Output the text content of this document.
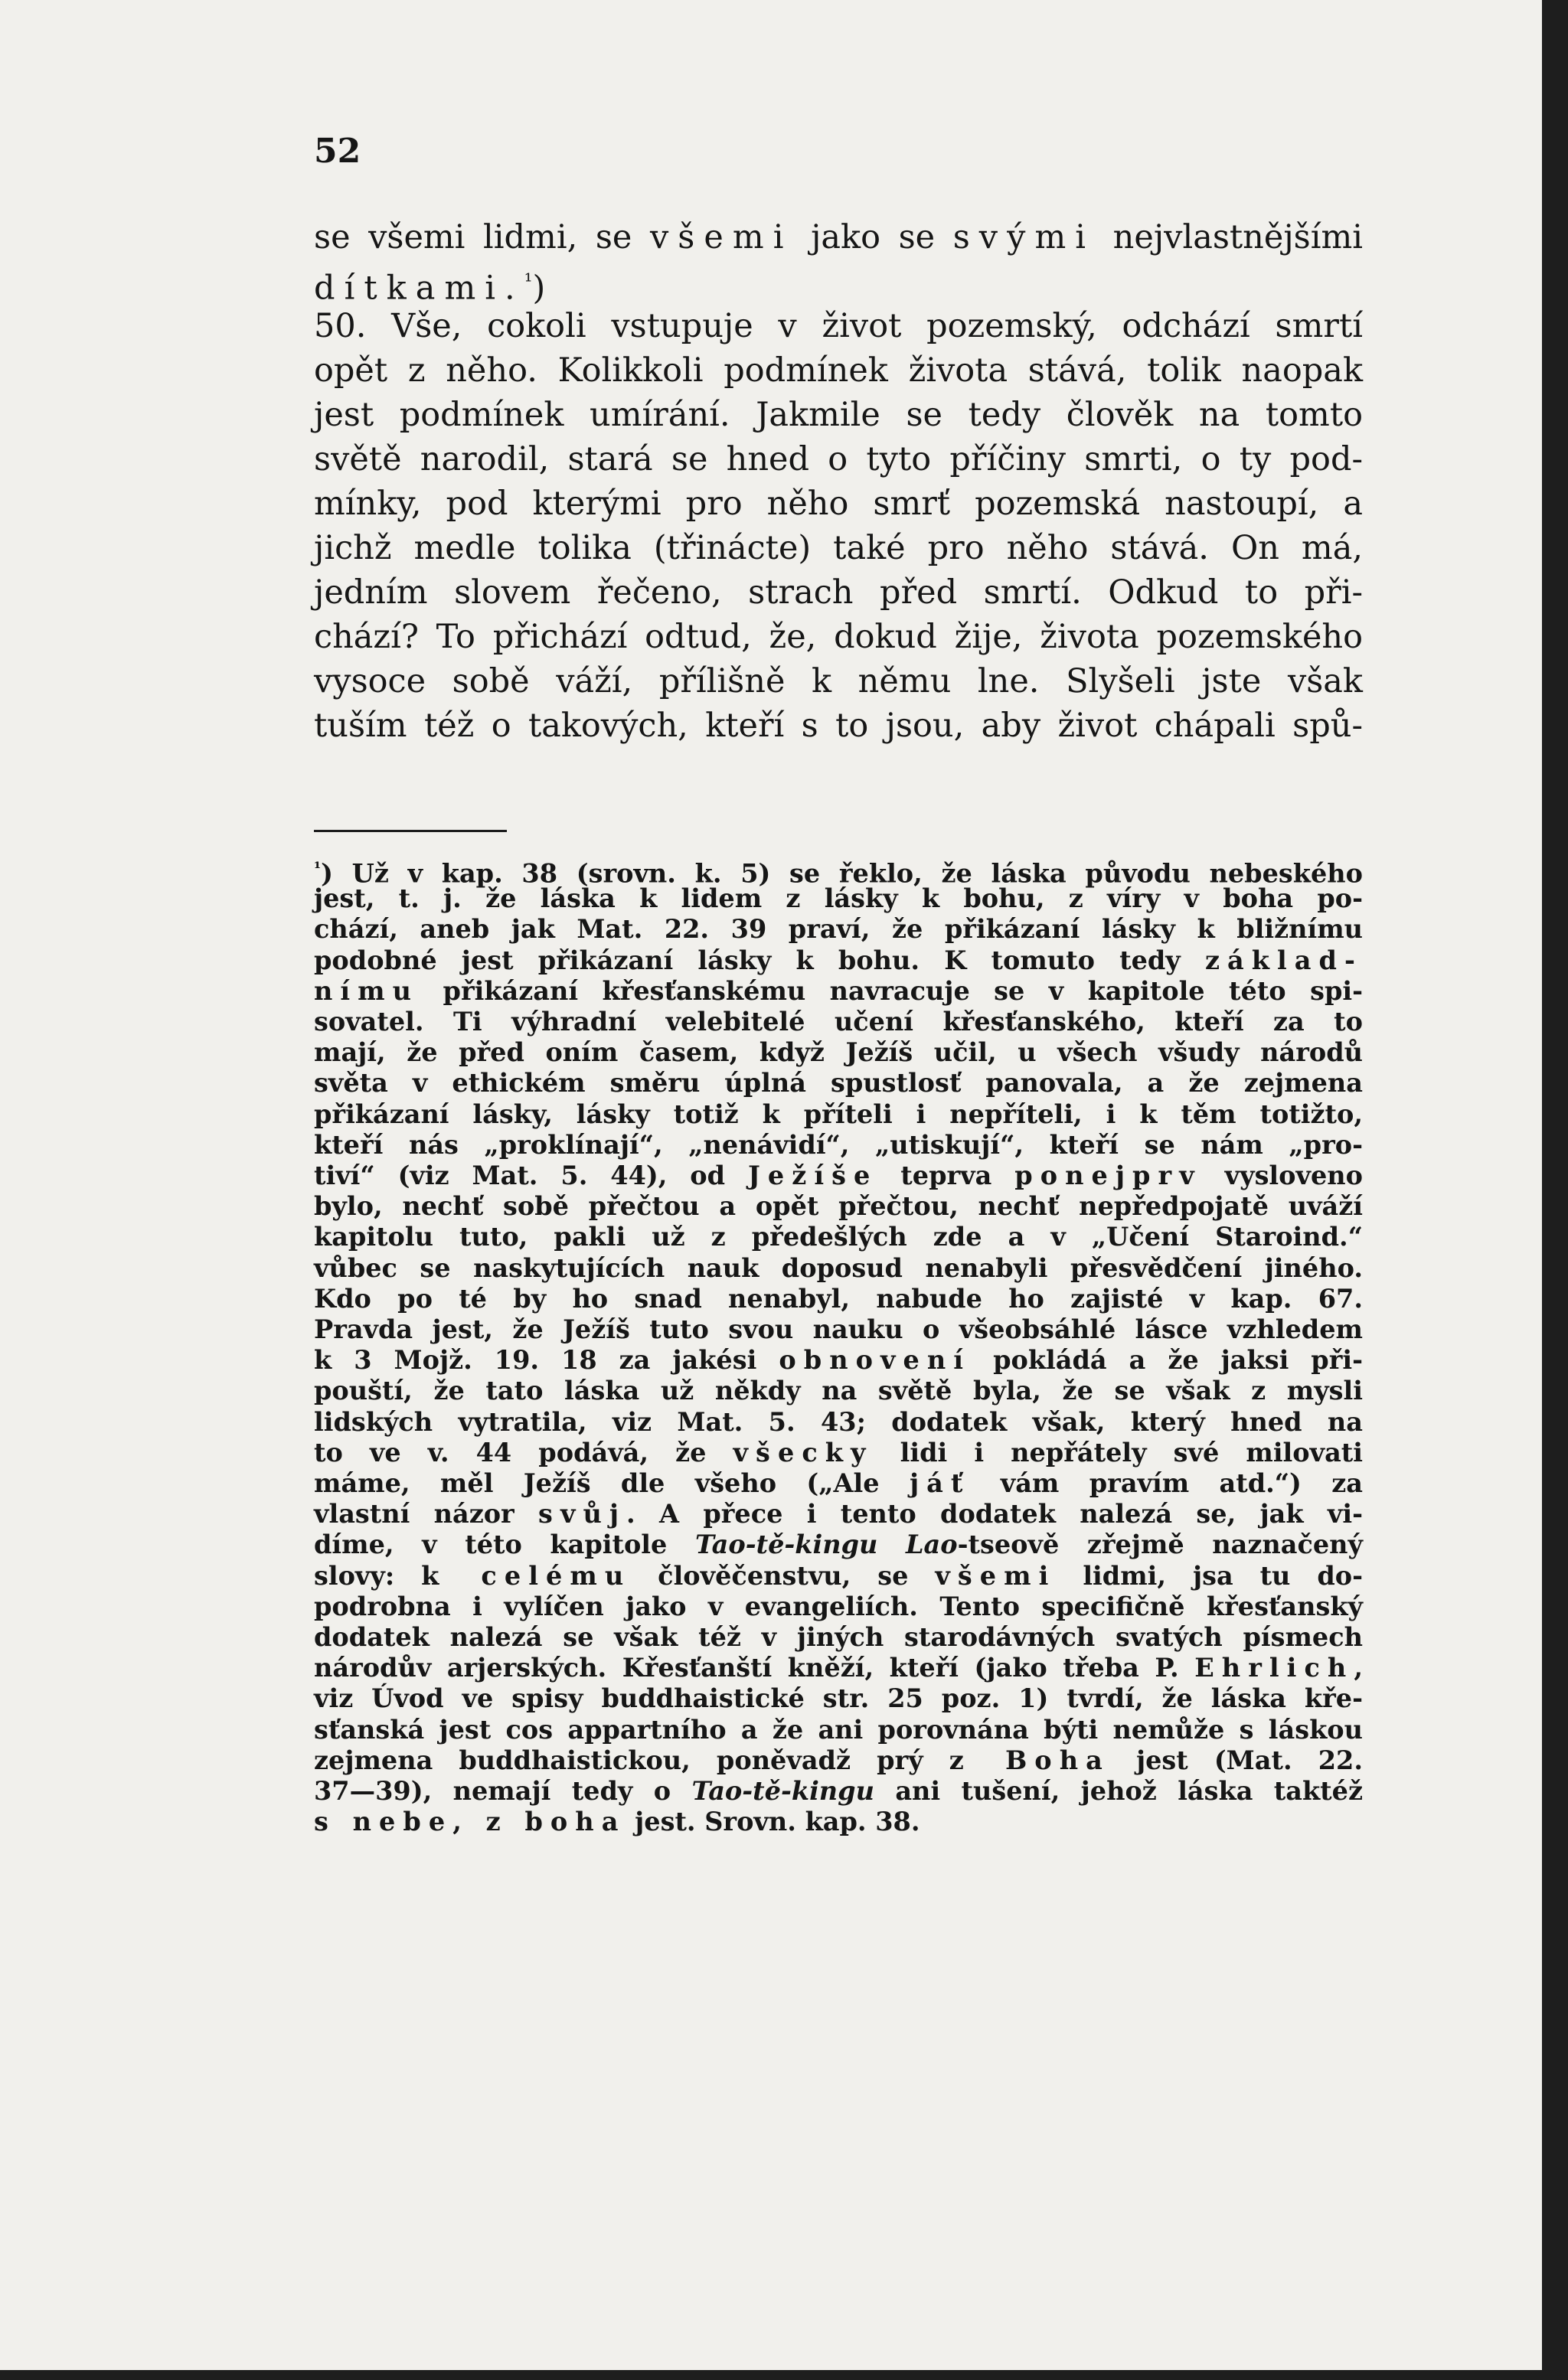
52
se všemi lidmi, se všemi jako se svými nejvlastnějšími
dítkami.$^{^1}$)
50. Vše, cokoli vstupuje v život pozemský, odchází smrtí
opět z něho. Kolikkoli podmínek života stává, tolik naopak
jest podmínek umírání. Jakmile se tedy člověk na tomto
světě narodil, stará se hned o tyto příčiny smrti, o ty pod-
mínky, pod kterými pro něho smrť pozemská nastoupí, a
jichž medle tolika (třinácte) také pro něho stává. On má,
jedním slovem řečeno, strach před smrtí. Odkud to při-
chází? To přichází odtud, že, dokud žije, života pozemského
vysoce sobě váží, přílišně k němu lne. Slyšeli jste však
tuším též o takových, kteří s to jsou, aby život chápali spů-
$^{^1}$) Už v kap. 38 (srovn. k. 5) se řeklo, že láska původu nebeského
jest, t. j. že láska k lidem z lásky k bohu, z víry v boha po-
chází, aneb jak Mat. 22. 39 praví, že přikázaní lásky k bližnímu
podobné jest přikázaní lásky k bohu. K tomuto tedy základ-
nímu přikázaní křesťanskému navracuje se v kapitole této spi-
sovatel. Ti výhradní velebitelé učení křesťanského, kteří za to
mají, že před oním časem, když Ježíš učil, u všech všudy národů
světa v ethickém směru úplná spustlosť panovala, a že zejmena
přikázaní lásky, lásky totiž k příteli i nepříteli, i k těm totižto,
kteří nás „proklínají“, „nenávidí“, „utiskují“, kteří se nám „pro-
tiví“ (viz Mat. 5. 44), od Ježíše teprva ponejprv vysloveno
bylo, nechť sobě přečtou a opět přečtou, nechť nepředpojatě uváží
kapitolu tuto, pakli už z předešlých zde a v „Učení Staroind.“
vůbec se naskytujících nauk doposud nenabyli přesvědčení jiného.
Kdo po té by ho snad nenabyl, nabude ho zajisté v kap. 67.
Pravda jest, že Ježíš tuto svou nauku o všeobsáhlé lásce vzhledem
k 3 Mojž. 19. 18 za jakési obnovení pokládá a že jaksi při-
pouští, že tato láska už někdy na světě byla, že se však z mysli
lidských vytratila, viz Mat. 5. 43; dodatek však, který hned na
to ve v. 44 podává, že všecky lidi i nepřátely své milovati
máme, měl Ježíš dle všeho („Ale jáť vám pravím atd.“) za
vlastní názor svůj. A přece i tento dodatek nalezá se, jak vi-
díme, v této kapitole Tao-tě-kingu Lao-tseově zřejmě naznačený
slovy: k celému člověčenstvu, se všemi lidmi, jsa tu do-
podrobna i vylíčen jako v evangeliích. Tento specifičně křesťanský
dodatek nalezá se však též v jiných starodávných svatých písmech
národův arjerských. Křesťanští kněží, kteří (jako třeba P. Ehrlich,
viz Úvod ve spisy buddhaistické str. 25 poz. 1) tvrdí, že láska kře-
sťanská jest cos appartního a že ani porovnána býti nemůže s láskou
zejmena buddhaistickou, poněvadž prý z Boha jest (Mat. 22.
37—39), nemají tedy o Tao-tě-kingu ani tušení, jehož láska taktéž
s nebe, z boha jest. Srovn. kap. 38.
